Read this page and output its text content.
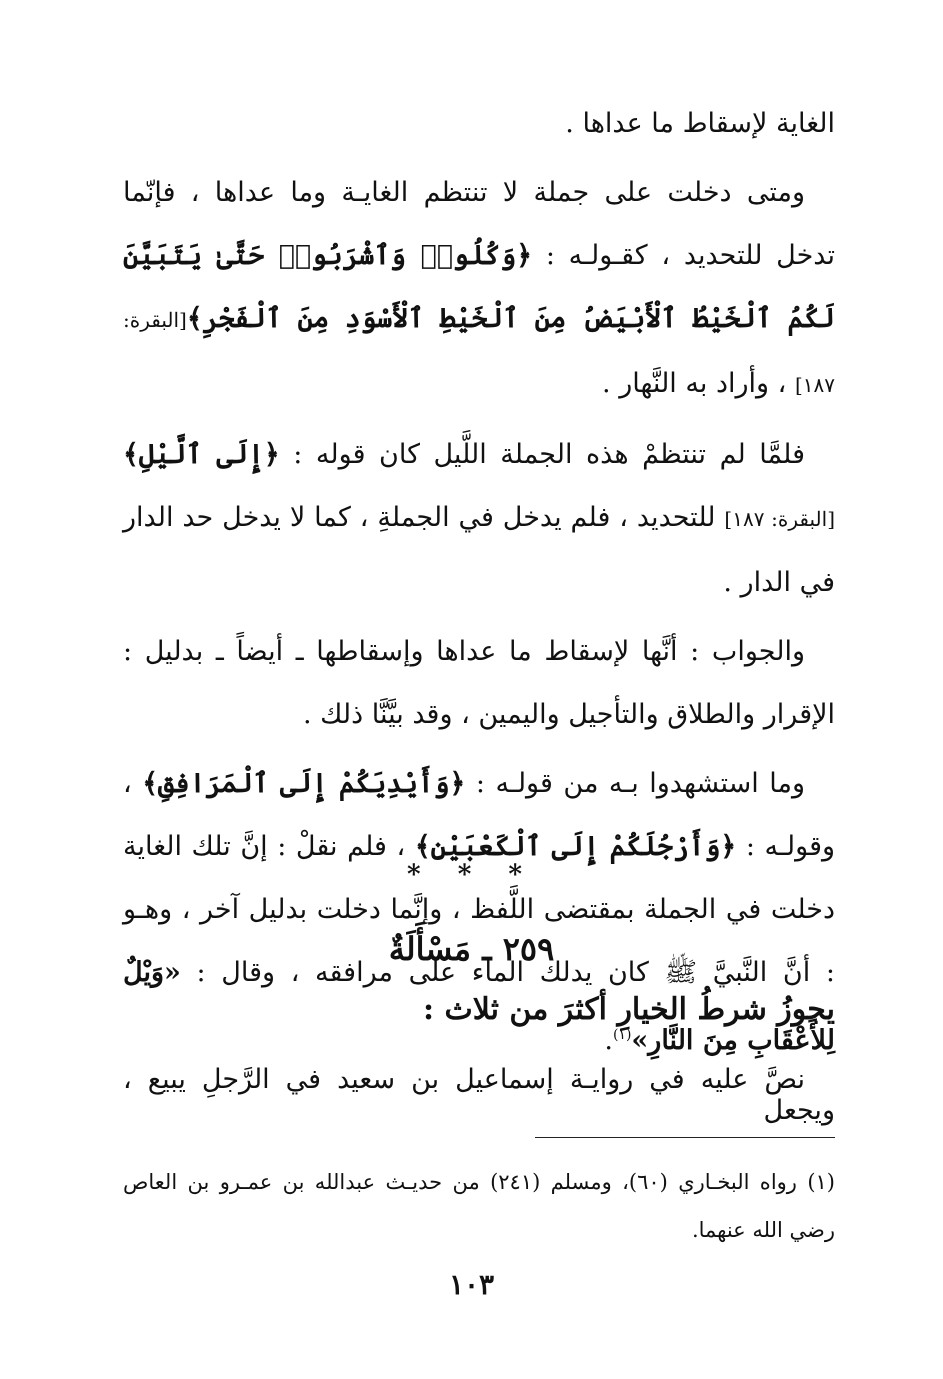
الغاية لإسقاط ما عداها .

ومتى دخلت على جملة لا تنتظم الغايـة وما عداها ، فإنّما تدخل للتحديد ، كقـولـه : ﴿وَكُلُوا۟ وَٱشْرَبُوا۟ حَتَّىٰ يَتَبَيَّنَ لَكُمُ ٱلْخَيْطُ ٱلْأَبْيَضُ مِنَ ٱلْخَيْطِ ٱلْأَسْوَدِ مِنَ ٱلْفَجْرِ﴾[البقرة: ١٨٧] ، وأراد به النَّهار .

فلمَّا لم تنتظمْ هذه الجملة اللَّيل كان قوله : ﴿إِلَى ٱلَّيْلِ﴾[البقرة: ١٨٧] للتحديد ، فلم يدخل في الجملةِ ، كما لا يدخل حد الدار في الدار .

والجواب : أنَّها لإسقاط ما عداها وإسقاطها ـ أيضاً ـ بدليل : الإقرار والطلاق والتأجيل واليمين ، وقد بيَّنَّا ذلك .

وما استشهدوا بـه من قولـه : ﴿وَأَيْدِيَكُمْ إِلَى ٱلْمَرَافِقِ﴾ ، وقولـه : ﴿وَأَرْجُلَكُمْ إِلَى ٱلْكَعْبَيْنِ﴾ ، فلم نقلْ : إنَّ تلك الغاية دخلت في الجملة بمقتضى اللَّفظ ، وإنَّما دخلت بدليل آخر ، وهـو : أنَّ النَّبيَّ ﷺ كان يدلك الماء على مرافقه ، وقال : «وَيْلٌ لِلأَعْقَابِ مِنَ النَّارِ»$^{(١)}$.

* * *
٢٥٩ ـ مَسْأَلَةٌ
يجوزُ شرطُ الخيارِ أكثرَ من ثلاث :
نصَّ عليه في روايـة إسماعيل بن سعيد في الرَّجلِ يبيع ، ويجعل
(١) رواه البخـاري (٦٠)، ومسلم (٢٤١) من حديـث عبدالله بن عمـرو بن العاص رضي الله عنهما.
١٠٣
